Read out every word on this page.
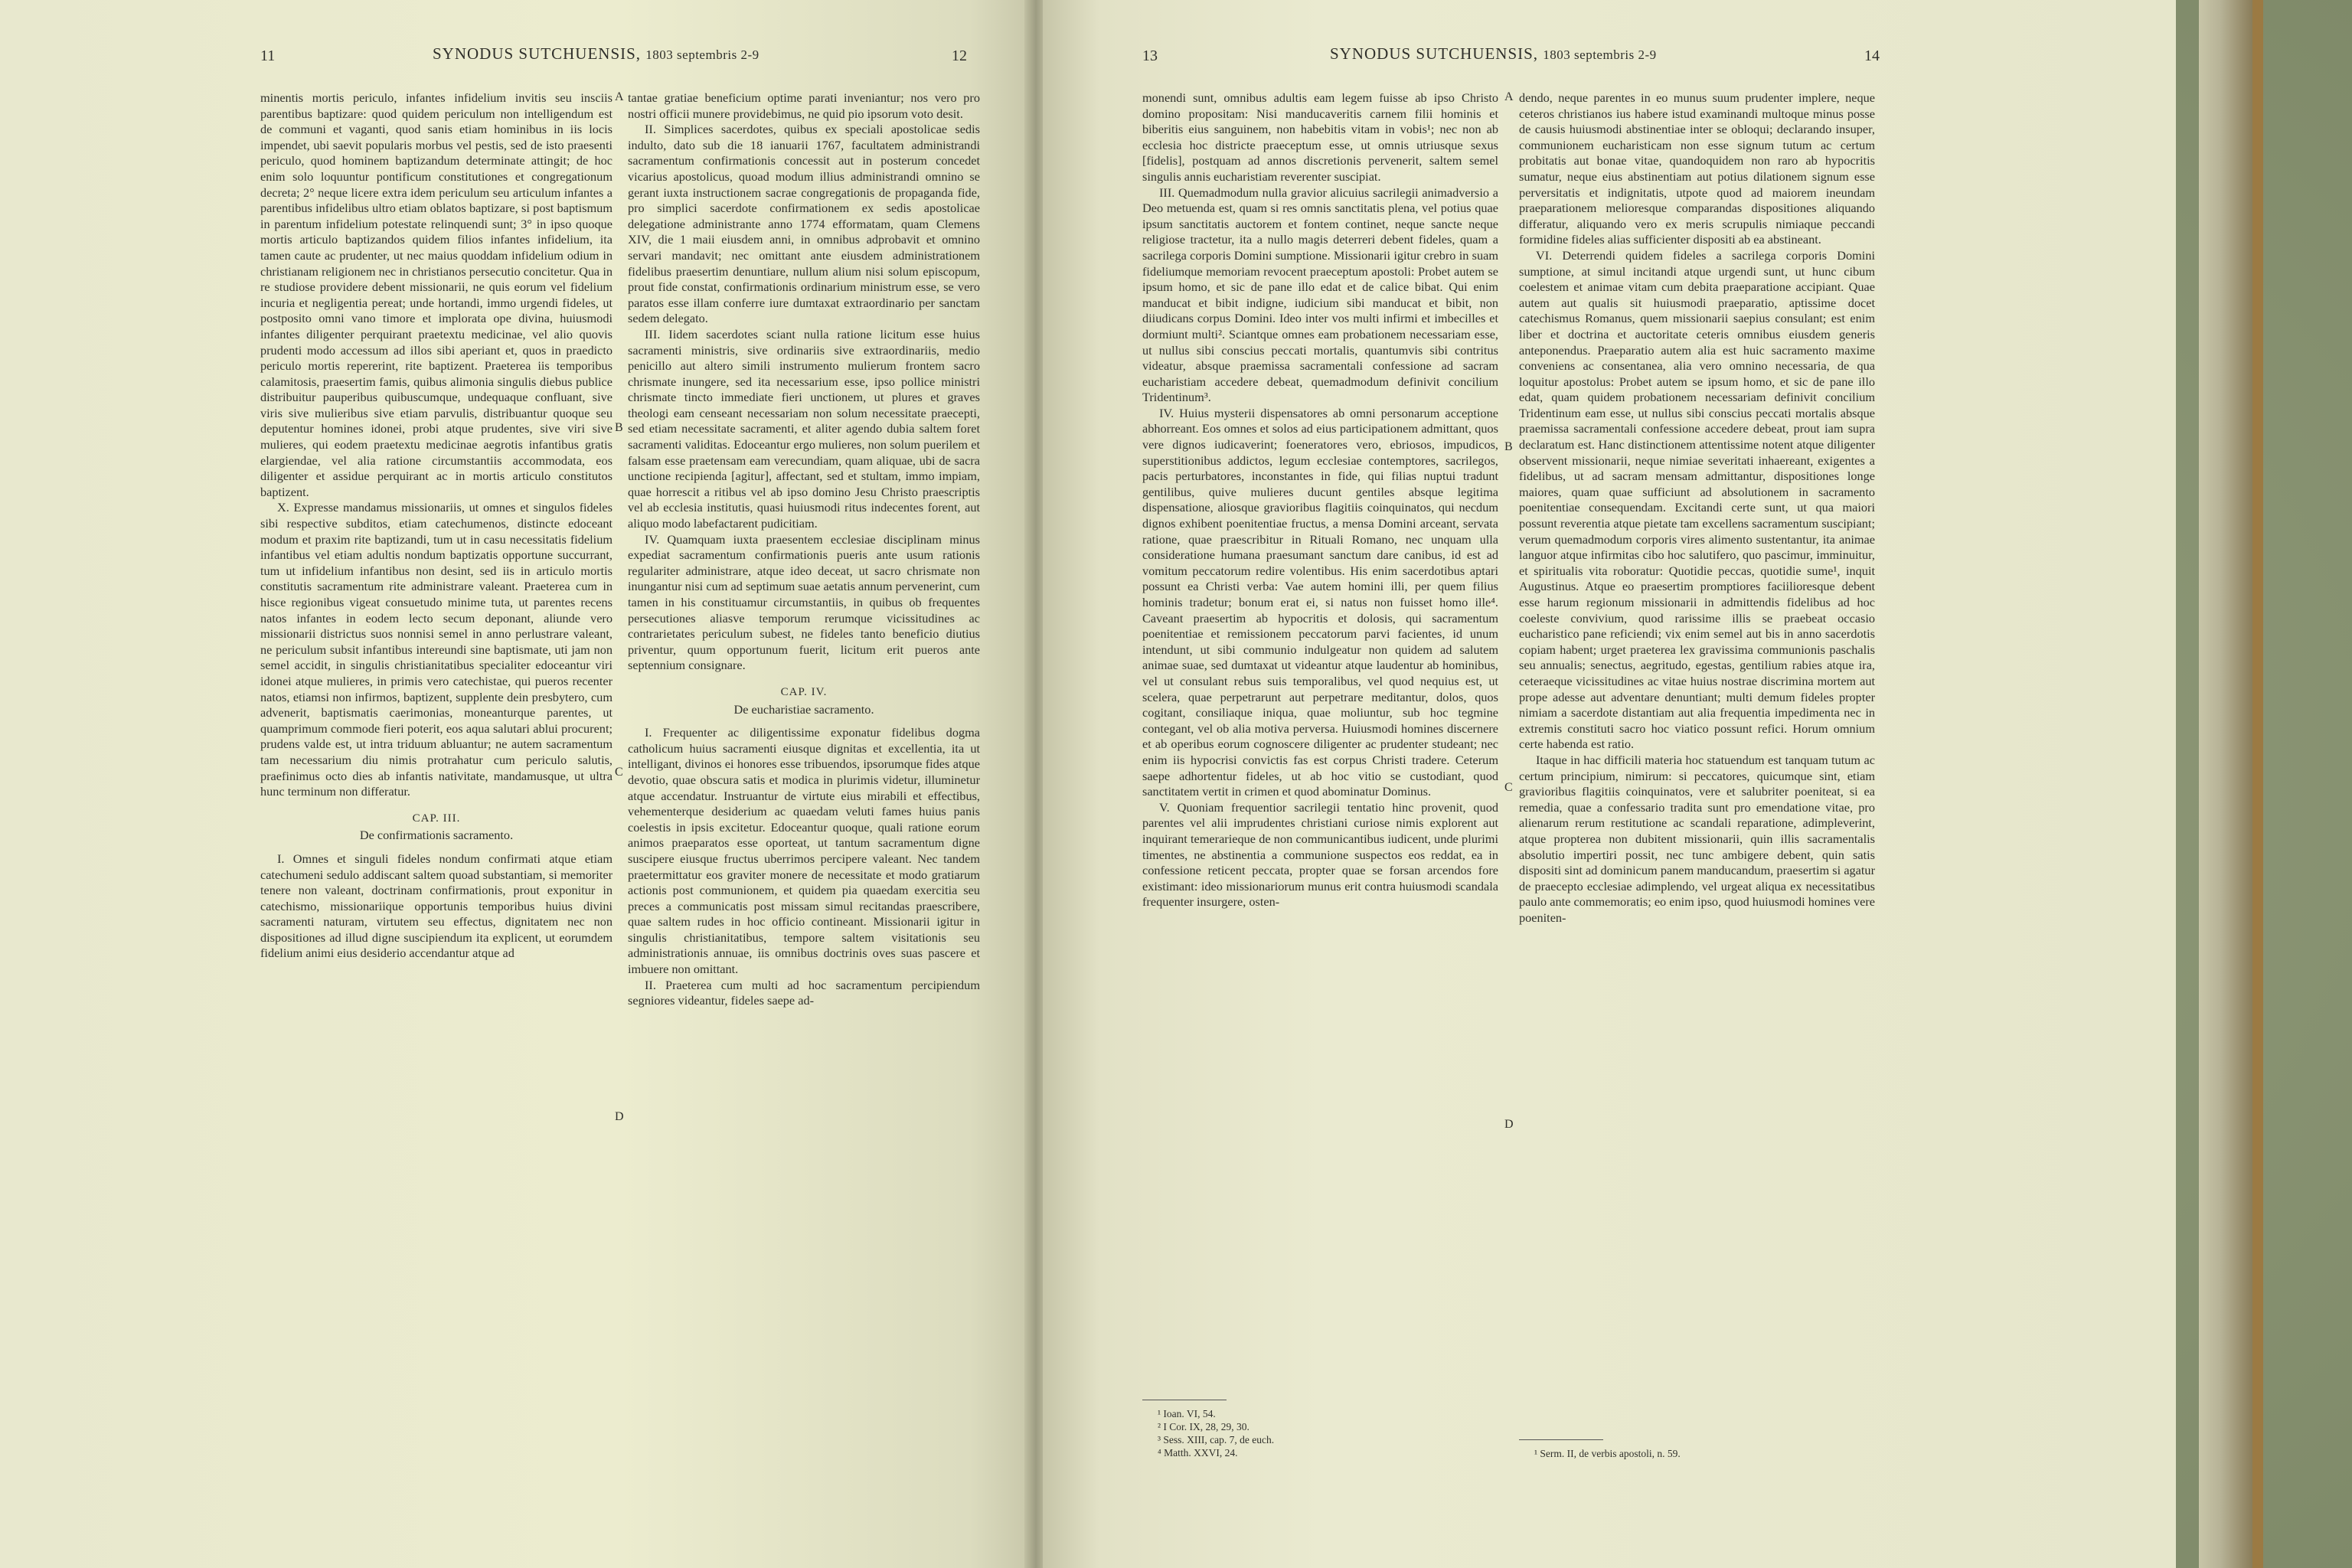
11	SYNODUS SUTCHUENSIS, 1803 septembris 2-9	12

minentis mortis periculo, infantes infidelium invitis seu insciis parentibus baptizare: quod quidem periculum non intelligendum est de communi et vaganti, quod sanis etiam hominibus in iis locis impendet, ubi saevit popularis morbus vel pestis, sed de isto praesenti periculo, quod hominem baptizandum determinate attingit; de hoc enim solo loquuntur pontificum constitutiones et congregationum decreta; 2° neque licere extra idem periculum seu articulum infantes a parentibus infidelibus ultro etiam oblatos baptizare, si post baptismum in parentum infidelium potestate relinquendi sunt; 3° in ipso quoque mortis articulo baptizandos quidem filios infantes infidelium, ita tamen caute ac prudenter, ut nec maius quoddam infidelium odium in christianam religionem nec in christianos persecutio concitetur. Qua in re studiose providere debent missionarii, ne quis eorum vel fidelium incuria et negligentia pereat; unde hortandi, immo urgendi fideles, ut postposito omni vano timore et implorata ope divina, huiusmodi infantes diligenter perquirant praetextu medicinae, vel alio quovis prudenti modo accessum ad illos sibi aperiant et, quos in praedicto periculo mortis repererint, rite baptizent. Praeterea iis temporibus calamitosis, praesertim famis, quibus alimonia singulis diebus publice distribuitur pauperibus quibuscumque, undequaque confluant, sive viris sive mulieribus sive etiam parvulis, distribuantur quoque seu deputentur homines idonei, probi atque prudentes, sive viri sive mulieres, qui eodem praetextu medicinae aegrotis infantibus gratis elargiendae, vel alia ratione circumstantiis accommodata, eos diligenter et assidue perquirant ac in mortis articulo constitutos baptizent.

X. Expresse mandamus missionariis, ut omnes et singulos fideles sibi respective subditos, etiam catechumenos, distincte edoceant modum et praxim rite baptizandi, tum ut in casu necessitatis fidelium infantibus vel etiam adultis nondum baptizatis opportune succurrant, tum ut infidelium infantibus non desint, sed iis in articulo mortis constitutis sacramentum rite administrare valeant. Praeterea cum in hisce regionibus vigeat consuetudo minime tuta, ut parentes recens natos infantes in eodem lecto secum deponant, aliunde vero missionarii districtus suos nonnisi semel in anno perlustrare valeant, ne periculum subsit infantibus intereundi sine baptismate, uti jam non semel accidit, in singulis christianitatibus specialiter edoceantur viri idonei atque mulieres, in primis vero catechistae, qui pueros recenter natos, etiamsi non infirmos, baptizent, supplente dein presbytero, cum advenerit, baptismatis caerimonias, moneanturque parentes, ut quamprimum commode fieri poterit, eos aqua salutari ablui procurent; prudens valde est, ut intra triduum abluantur; ne autem sacramentum tam necessarium diu nimis protrahatur cum periculo salutis, praefinimus octo dies ab infantis nativitate, mandamusque, ut ultra hunc terminum non differatur.

CAP. III.

De confirmationis sacramento.

I. Omnes et singuli fideles nondum confirmati atque etiam catechumeni sedulo addiscant saltem quoad substantiam, si memoriter tenere non valeant, doctrinam confirmationis, prout exponitur in catechismo, missionariique opportunis temporibus huius divini sacramenti naturam, virtutem seu effectus, dignitatem nec non dispositiones ad illud digne suscipiendum ita explicent, ut eorumdem fidelium animi eius desiderio accendantur atque ad

A
B
C
D

tantae gratiae beneficium optime parati inveniantur; nos vero pro nostri officii munere providebimus, ne quid pio ipsorum voto desit.

II. Simplices sacerdotes, quibus ex speciali apostolicae sedis indulto, dato sub die 18 ianuarii 1767, facultatem administrandi sacramentum confirmationis concessit aut in posterum concedet vicarius apostolicus, quoad modum illius administrandi omnino se gerant iuxta instructionem sacrae congregationis de propaganda fide, pro simplici sacerdote confirmationem ex sedis apostolicae delegatione administrante anno 1774 efformatam, quam Clemens XIV, die 1 maii eiusdem anni, in omnibus adprobavit et omnino servari mandavit; nec omittant ante eiusdem administrationem fidelibus praesertim denuntiare, nullum alium nisi solum episcopum, prout fide constat, confirmationis ordinarium ministrum esse, se vero paratos esse illam conferre iure dumtaxat extraordinario per sanctam sedem delegato.

III. Iidem sacerdotes sciant nulla ratione licitum esse huius sacramenti ministris, sive ordinariis sive extraordinariis, medio penicillo aut altero simili instrumento mulierum frontem sacro chrismate inungere, sed ita necessarium esse, ipso pollice ministri chrismate tincto immediate fieri unctionem, ut plures et graves theologi eam censeant necessariam non solum necessitate praecepti, sed etiam necessitate sacramenti, et aliter agendo dubia saltem foret sacramenti validitas. Edoceantur ergo mulieres, non solum puerilem et falsam esse praetensam eam verecundiam, quam aliquae, ubi de sacra unctione recipienda [agitur], affectant, sed et stultam, immo impiam, quae horrescit a ritibus vel ab ipso domino Jesu Christo praescriptis vel ab ecclesia institutis, quasi huiusmodi ritus indecentes forent, aut aliquo modo labefactarent pudicitiam.

IV. Quamquam iuxta praesentem ecclesiae disciplinam minus expediat sacramentum confirmationis pueris ante usum rationis regulariter administrare, atque ideo deceat, ut sacro chrismate non inungantur nisi cum ad septimum suae aetatis annum pervenerint, cum tamen in his constituamur circumstantiis, in quibus ob frequentes persecutiones aliasve temporum rerumque vicissitudines ac contrarietates periculum subest, ne fideles tanto beneficio diutius priventur, quum opportunum fuerit, licitum erit pueros ante septennium consignare.

CAP. IV.

De eucharistiae sacramento.

I. Frequenter ac diligentissime exponatur fidelibus dogma catholicum huius sacramenti eiusque dignitas et excellentia, ita ut intelligant, divinos ei honores esse tribuendos, ipsorumque fides atque devotio, quae obscura satis et modica in plurimis videtur, illuminetur atque accendatur. Instruantur de virtute eius mirabili et effectibus, vehementerque desiderium ac quaedam veluti fames huius panis coelestis in ipsis excitetur. Edoceantur quoque, quali ratione eorum animos praeparatos esse oporteat, ut tantum sacramentum digne suscipere eiusque fructus uberrimos percipere valeant. Nec tandem praetermittatur eos graviter monere de necessitate et modo gratiarum actionis post communionem, et quidem pia quaedam exercitia seu preces a communicatis post missam simul recitandas praescribere, quae saltem rudes in hoc officio contineant. Missionarii igitur in singulis christianitatibus, tempore saltem visitationis seu administrationis annuae, iis omnibus doctrinis oves suas pascere et imbuere non omittant.

II. Praeterea cum multi ad hoc sacramentum percipiendum segniores videantur, fideles saepe ad-

13	SYNODUS SUTCHUENSIS, 1803 septembris 2-9	14

monendi sunt, omnibus adultis eam legem fuisse ab ipso Christo domino propositam: Nisi manducaveritis carnem filii hominis et biberitis eius sanguinem, non habebitis vitam in vobis¹; nec non ab ecclesia hoc districte praeceptum esse, ut omnis utriusque sexus [fidelis], postquam ad annos discretionis pervenerit, saltem semel singulis annis eucharistiam reverenter suscipiat.

III. Quemadmodum nulla gravior alicuius sacrilegii animadversio a Deo metuenda est, quam si res omnis sanctitatis plena, vel potius quae ipsum sanctitatis auctorem et fontem continet, neque sancte neque religiose tractetur, ita a nullo magis deterreri debent fideles, quam a sacrilega corporis Domini sumptione. Missionarii igitur crebro in suam fideliumque memoriam revocent praeceptum apostoli: Probet autem se ipsum homo, et sic de pane illo edat et de calice bibat. Qui enim manducat et bibit indigne, iudicium sibi manducat et bibit, non diiudicans corpus Domini. Ideo inter vos multi infirmi et imbecilles et dormiunt multi². Sciantque omnes eam probationem necessariam esse, ut nullus sibi conscius peccati mortalis, quantumvis sibi contritus videatur, absque praemissa sacramentali confessione ad sacram eucharistiam accedere debeat, quemadmodum definivit concilium Tridentinum³.

IV. Huius mysterii dispensatores ab omni personarum acceptione abhorreant. Eos omnes et solos ad eius participationem admittant, quos vere dignos iudicaverint; foeneratores vero, ebriosos, impudicos, superstitionibus addictos, legum ecclesiae contemptores, sacrilegos, pacis perturbatores, inconstantes in fide, qui filias nuptui tradunt gentilibus, quive mulieres ducunt gentiles absque legitima dispensatione, aliosque gravioribus flagitiis coinquinatos, qui necdum dignos exhibent poenitentiae fructus, a mensa Domini arceant, servata ratione, quae praescribitur in Rituali Romano, nec unquam ulla consideratione humana praesumant sanctum dare canibus, id est ad vomitum peccatorum redire volentibus. His enim sacerdotibus aptari possunt ea Christi verba: Vae autem homini illi, per quem filius hominis tradetur; bonum erat ei, si natus non fuisset homo ille⁴. Caveant praesertim ab hypocritis et dolosis, qui sacramentum poenitentiae et remissionem peccatorum parvi facientes, id unum intendunt, ut sibi communio indulgeatur non quidem ad salutem animae suae, sed dumtaxat ut videantur atque laudentur ab hominibus, vel ut consulant rebus suis temporalibus, vel quod nequius est, ut scelera, quae perpetrarunt aut perpetrare meditantur, dolos, quos cogitant, consiliaque iniqua, quae moliuntur, sub hoc tegmine contegant, vel ob alia motiva perversa. Huiusmodi homines discernere et ab operibus eorum cognoscere diligenter ac prudenter studeant; nec enim iis hypocrisi convictis fas est corpus Christi tradere. Ceterum saepe adhortentur fideles, ut ab hoc vitio se custodiant, quod sanctitatem vertit in crimen et quod abominatur Dominus.

V. Quoniam frequentior sacrilegii tentatio hinc provenit, quod parentes vel alii imprudentes christiani curiose nimis explorent aut inquirant temerarieque de non communicantibus iudicent, unde plurimi timentes, ne abstinentia a communione suspectos eos reddat, ea in confessione reticent peccata, propter quae se forsan arcendos fore existimant: ideo missionariorum munus erit contra huiusmodi scandala frequenter insurgere, osten-

¹ Ioan. VI, 54.
² I Cor. IX, 28, 29, 30.
³ Sess. XIII, cap. 7, de euch.
⁴ Matth. XXVI, 24.
A
B
C
D

dendo, neque parentes in eo munus suum prudenter implere, neque ceteros christianos ius habere istud examinandi multoque minus posse de causis huiusmodi abstinentiae inter se obloqui; declarando insuper, communionem eucharisticam non esse signum tutum ac certum probitatis aut bonae vitae, quandoquidem non raro ab hypocritis sumatur, neque eius abstinentiam aut potius dilationem signum esse perversitatis et indignitatis, utpote quod ad maiorem ineundam praeparationem melioresque comparandas dispositiones aliquando differatur, aliquando vero ex meris scrupulis nimiaque peccandi formidine fideles alias sufficienter dispositi ab ea abstineant.

VI. Deterrendi quidem fideles a sacrilega corporis Domini sumptione, at simul incitandi atque urgendi sunt, ut hunc cibum coelestem et animae vitam cum debita praeparatione accipiant. Quae autem aut qualis sit huiusmodi praeparatio, aptissime docet catechismus Romanus, quem missionarii saepius consulant; est enim liber et doctrina et auctoritate ceteris omnibus eiusdem generis anteponendus. Praeparatio autem alia est huic sacramento maxime conveniens ac consentanea, alia vero omnino necessaria, de qua loquitur apostolus: Probet autem se ipsum homo, et sic de pane illo edat, quam quidem probationem necessariam definivit concilium Tridentinum eam esse, ut nullus sibi conscius peccati mortalis absque praemissa sacramentali confessione accedere debeat, prout iam supra declaratum est. Hanc distinctionem attentissime notent atque diligenter observent missionarii, neque nimiae severitati inhaereant, exigentes a fidelibus, ut ad sacram mensam admittantur, dispositiones longe maiores, quam quae sufficiunt ad absolutionem in sacramento poenitentiae consequendam. Excitandi certe sunt, ut qua maiori possunt reverentia atque pietate tam excellens sacramentum suscipiant; verum quemadmodum corporis vires alimento sustentantur, ita animae languor atque infirmitas cibo hoc salutifero, quo pascimur, imminuitur, et spiritualis vita roboratur: Quotidie peccas, quotidie sume¹, inquit Augustinus. Atque eo praesertim promptiores faciilioresque debent esse harum regionum missionarii in admittendis fidelibus ad hoc coeleste convivium, quod rarissime illis se praebeat occasio eucharistico pane reficiendi; vix enim semel aut bis in anno sacerdotis copiam habent; urget praeterea lex gravissima communionis paschalis seu annualis; senectus, aegritudo, egestas, gentilium rabies atque ira, ceteraeque vicissitudines ac vitae huius nostrae discrimina mortem aut prope adesse aut adventare denuntiant; multi demum fideles propter nimiam a sacerdote distantiam aut alia frequentia impedimenta nec in extremis constituti sacro hoc viatico possunt refici. Horum omnium certe habenda est ratio.

Itaque in hac difficili materia hoc statuendum est tanquam tutum ac certum principium, nimirum: si peccatores, quicumque sint, etiam gravioribus flagitiis coinquinatos, vere et salubriter poeniteat, si ea remedia, quae a confessario tradita sunt pro emendatione vitae, pro alienarum rerum restitutione ac scandali reparatione, adimpleverint, atque propterea non dubitent missionarii, quin illis sacramentalis absolutio impertiri possit, nec tunc ambigere debent, quin satis dispositi sint ad dominicum panem manducandum, praesertim si agatur de praecepto ecclesiae adimplendo, vel urgeat aliqua ex necessitatibus paulo ante commemoratis; eo enim ipso, quod huiusmodi homines vere poeniten-

¹ Serm. II, de verbis apostoli, n. 59.
